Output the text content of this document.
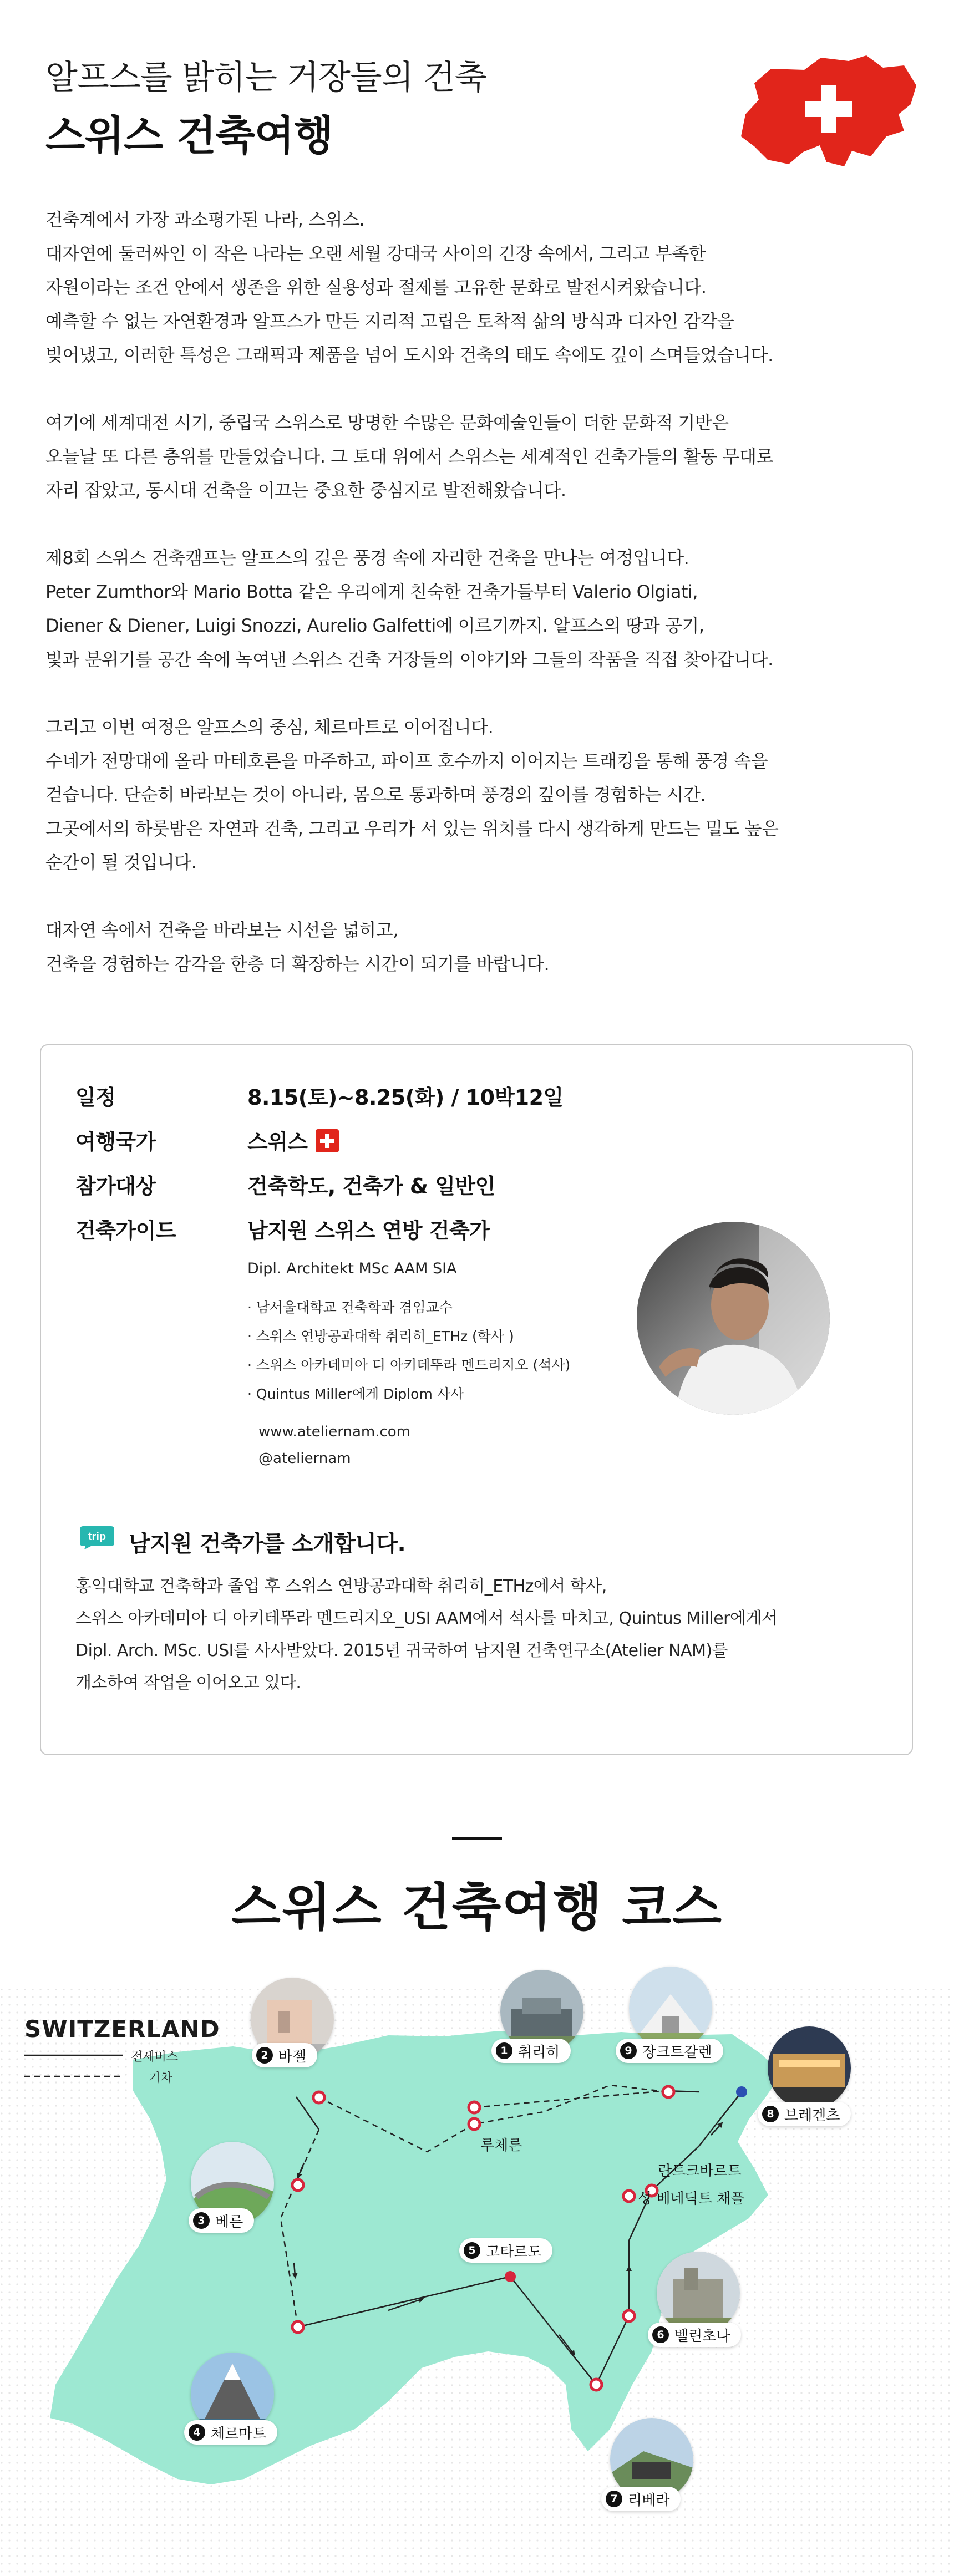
알프스를 밝히는 거장들의 건축
스위스 건축여행

건축계에서 가장 과소평가된 나라, 스위스.
대자연에 둘러싸인 이 작은 나라는 오랜 세월 강대국 사이의 긴장 속에서, 그리고 부족한
자원이라는 조건 안에서 생존을 위한 실용성과 절제를 고유한 문화로 발전시켜왔습니다.
예측할 수 없는 자연환경과 알프스가 만든 지리적 고립은 토착적 삶의 방식과 디자인 감각을
빚어냈고, 이러한 특성은 그래픽과 제품을 넘어 도시와 건축의 태도 속에도 깊이 스며들었습니다.

여기에 세계대전 시기, 중립국 스위스로 망명한 수많은 문화예술인들이 더한 문화적 기반은
오늘날 또 다른 층위를 만들었습니다. 그 토대 위에서 스위스는 세계적인 건축가들의 활동 무대로
자리 잡았고, 동시대 건축을 이끄는 중요한 중심지로 발전해왔습니다.

제8회 스위스 건축캠프는 알프스의 깊은 풍경 속에 자리한 건축을 만나는 여정입니다.
Peter Zumthor와 Mario Botta 같은 우리에게 친숙한 건축가들부터 Valerio Olgiati,
Diener & Diener, Luigi Snozzi, Aurelio Galfetti에 이르기까지. 알프스의 땅과 공기,
빛과 분위기를 공간 속에 녹여낸 스위스 건축 거장들의 이야기와 그들의 작품을 직접 찾아갑니다.

그리고 이번 여정은 알프스의 중심, 체르마트로 이어집니다.
수네가 전망대에 올라 마테호른을 마주하고, 파이프 호수까지 이어지는 트래킹을 통해 풍경 속을
걷습니다. 단순히 바라보는 것이 아니라, 몸으로 통과하며 풍경의 깊이를 경험하는 시간.
그곳에서의 하룻밤은 자연과 건축, 그리고 우리가 서 있는 위치를 다시 생각하게 만드는 밀도 높은
순간이 될 것입니다.

대자연 속에서 건축을 바라보는 시선을 넓히고,
건축을 경험하는 감각을 한층 더 확장하는 시간이 되기를 바랍니다.

일정	8.15(토)~8.25(화) / 10박12일
여행국가	스위스
참가대상	건축학도, 건축가 & 일반인
건축가이드	남지원 스위스 연방 건축가
Dipl. Architekt MSc AAM SIA
· 남서울대학교 건축학과 겸임교수
· 스위스 연방공과대학 취리히_ETHz (학사 )
· 스위스 아카데미아 디 아키테뚜라 멘드리지오 (석사)
· Quintus Miller에게 Diplom 사사
www.ateliernam.com
@ateliernam
trip 남지원 건축가를 소개합니다.
홍익대학교 건축학과 졸업 후 스위스 연방공과대학 취리히_ETHz에서 학사,
스위스 아카데미아 디 아키테뚜라 멘드리지오_USI AAM에서 석사를 마치고, Quintus Miller에게서
Dipl. Arch. MSc. USI를 사사받았다. 2015년 귀국하여 남지원 건축연구소(Atelier NAM)를
개소하여 작업을 이어오고 있다.
스위스 건축여행 코스
SWITZERLAND
전세버스
기차
2 바젤	1 취리히	9 장크트갈렌
8 브레겐츠
3 베른
4 체르마트
5 고타르도
6 벨린초나
7 리베라
루체른
란트크바르트
성 베네딕트 채플
